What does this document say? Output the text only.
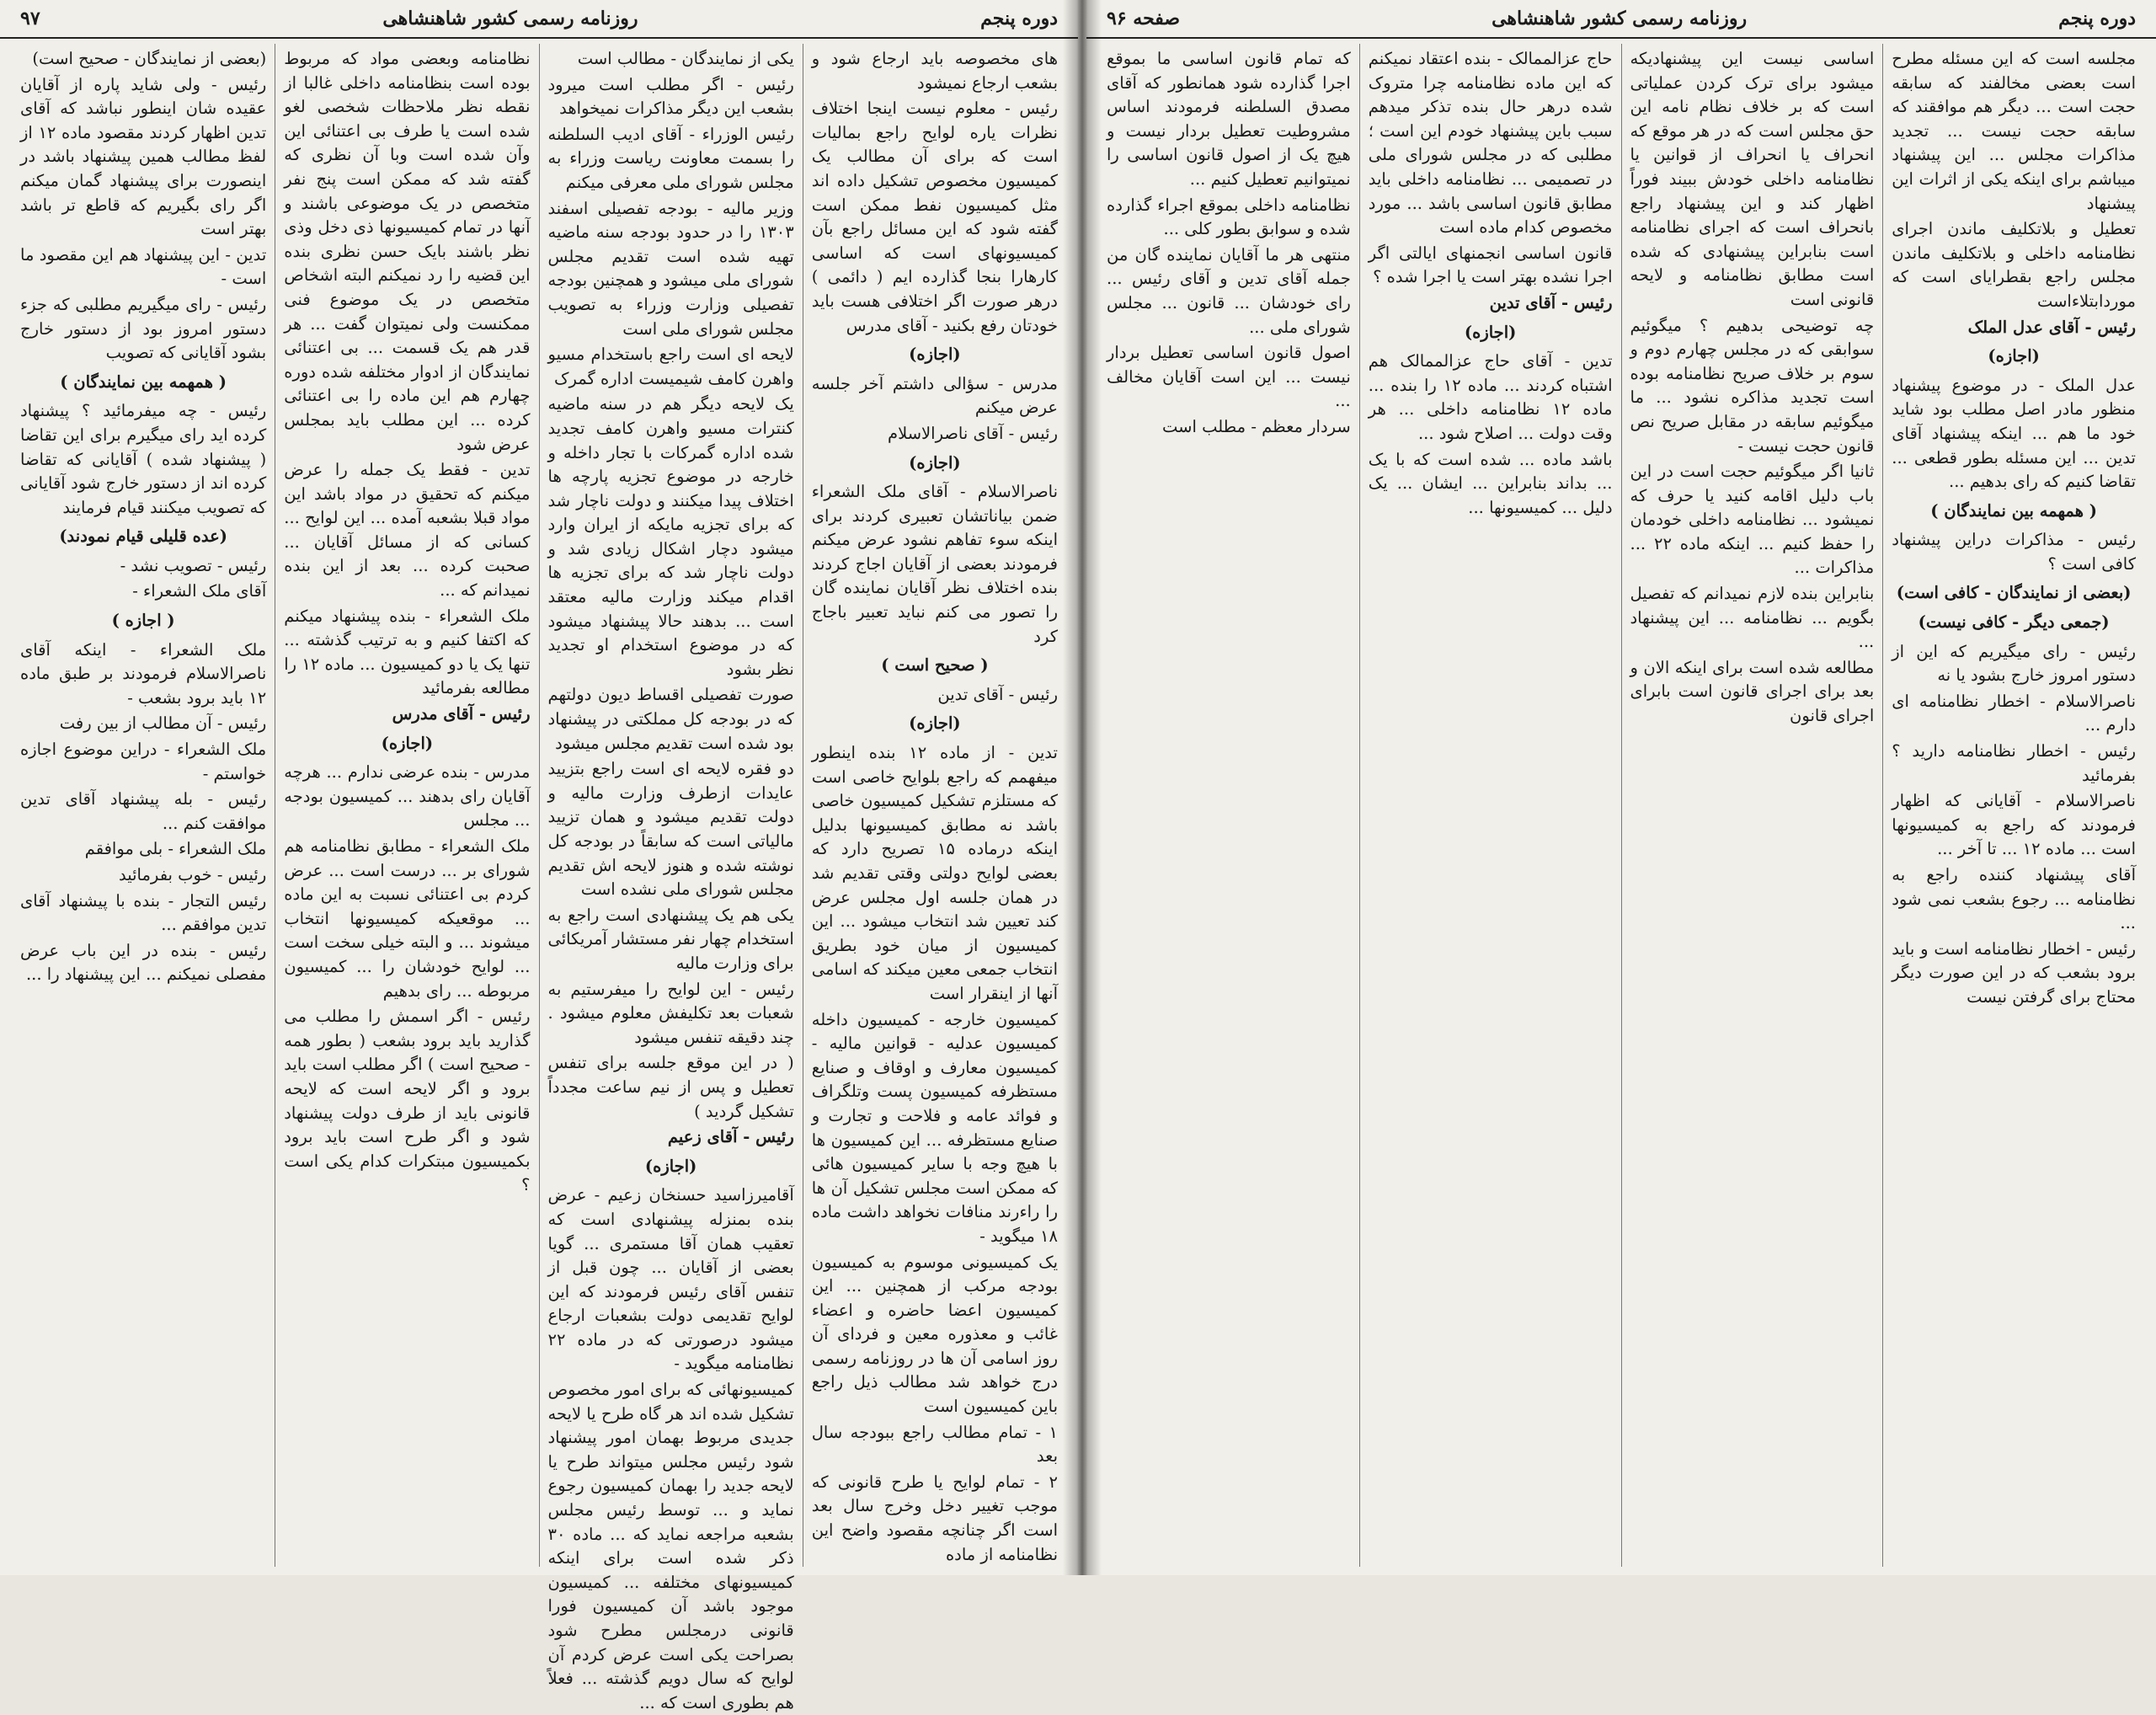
دوره پنجم
روزنامه رسمی کشور شاهنشاهی
۹۷

های مخصوصه باید ارجاع شود و بشعب ارجاع نمیشود

رئیس - معلوم نیست اینجا اختلاف نظرات یاره لوایح راجع بمالیات است که برای آن مطالب یک کمیسیون مخصوص تشکیل داده اند مثل کمیسیون نفط ممکن است گفته شود که این مسائل راجع بآن کمیسیونهای است که اساسی کارهارا بنجا گذارده ایم ( دائمی ) درهر صورت اگر اختلافی هست باید خودتان رفع بکنید - آقای مدرس

(اجازه)

مدرس - سؤالی داشتم آخر جلسه عرض میکنم

رئیس - آقای ناصرالاسلام

(اجازه)

ناصرالاسلام - آقای ملک الشعراء ضمن بیاناتشان تعبیری کردند برای اینکه سوء تفاهم نشود عرض میکنم فرمودند بعضی از آقایان اجاج کردند بنده اختلاف نظر آقایان نماینده گان را تصور می کنم نباید تعبیر باجاج کرد

( صحیح است )

رئیس - آقای تدین

(اجازه)

تدین - از ماده ۱۲ بنده اینطور میفهمم که راجع بلوایح خاصی است که مستلزم تشکیل کمیسیون خاصی باشد نه مطابق کمیسیونها بدلیل اینکه درماده ۱۵ تصریح دارد که بعضی لوایح دولتی وقتی تقدیم شد در همان جلسه اول مجلس عرض کند تعیین شد انتخاب میشود ... این کمیسیون از میان خود بطریق انتخاب جمعی معین میکند که اسامی آنها از اینقرار است

کمیسیون خارجه - کمیسیون داخله کمیسیون عدلیه - قوانین مالیه - کمیسیون معارف و اوقاف و صنایع مستظرفه کمیسیون پست وتلگراف و فوائد عامه و فلاحت و تجارت و صنایع مستظرفه ... این کمیسیون ها با هیچ وجه با سایر کمیسیون هائی که ممکن است مجلس تشکیل آن ها را راءرند منافات نخواهد داشت ماده ۱۸ میگوید -

یک کمیسیونی موسوم به کمیسیون بودجه مرکب از همچنین ... این کمیسیون اعضا حاضره و اعضاء غائب و معذوره معین و فردای آن روز اسامی آن ها در روزنامه رسمی درج خواهد شد مطالب ذیل راجع باین کمیسیون است

۱ - تمام مطالب راجع ببودجه سال بعد

۲ - تمام لوایح یا طرح قانونی که موجب تغییر دخل وخرج سال بعد است اگر چنانچه مقصود واضح این نظامنامه از ماده

یکی از نمایندگان - مطالب است

رئیس - اگر مطلب است میرود بشعب این دیگر مذاکرات نمیخواهد

رئیس الوزراء - آقای ادیب السلطنه را بسمت معاونت ریاست وزراء به مجلس شورای ملی معرفی میکنم

وزیر مالیه - بودجه تفصیلی اسفند ۱۳۰۳ را در حدود بودجه سنه ماضیه تهیه شده است تقدیم مجلس شورای ملی میشود و همچنین بودجه تفصیلی وزارت وزراء به تصویب مجلس شورای ملی است

لایحه ای است راجع باستخدام مسیو واهرن کامف شیمیست اداره گمرک

یک لایحه دیگر هم در سنه ماضیه کنترات مسیو واهرن کامف تجدید شده اداره گمرکات با تجار داخله و خارجه در موضوع تجزیه پارچه ها اختلاف پیدا میکنند و دولت ناچار شد که برای تجزیه مایکه از ایران وارد میشود دچار اشکال زیادی شد و دولت ناچار شد که برای تجزیه ها اقدام میکند وزارت مالیه معتقد است ... بدهند حالا پیشنهاد میشود که در موضوع استخدام او تجدید نظر بشود

صورت تفصیلی اقساط دیون دولتهم که در بودجه کل مملکتی در پیشنهاد بود شده است تقدیم مجلس میشود

دو فقره لایحه ای است راجع بتزیید عایدات ازطرف وزارت مالیه و دولت تقدیم میشود و همان تزیید مالیاتی است که سابقاً در بودجه کل نوشته شده و هنوز لایحه اش تقدیم مجلس شورای ملی نشده است

یکی هم یک پیشنهادی است راجع به استخدام چهار نفر مستشار آمریکائی برای وزارت مالیه

رئیس - این لوایح را میفرستیم به شعبات بعد تکلیفش معلوم میشود . چند دقیقه تنفس میشود

( در این موقع جلسه برای تنفس تعطیل و پس از نیم ساعت مجدداً تشکیل گردید )

رئیس - آقای زعیم

(اجازه)

آقامیرزاسید حسنخان زعیم - عرض بنده بمنزله پیشنهادی است که تعقیب همان آقا مستمری ... گویا بعضی از آقایان ... چون قبل از تنفس آقای رئیس فرمودند که این لوایح تقدیمی دولت بشعبات ارجاع میشود درصورتی که در ماده ۲۲ نظامنامه میگوید -

کمیسیونهائی که برای امور مخصوص تشکیل شده اند هر گاه طرح یا لایحه جدیدی مربوط بهمان امور پیشنهاد شود رئیس مجلس میتواند طرح یا لایحه جدید را بهمان کمیسیون رجوع نماید و ... توسط رئیس مجلس بشعبه مراجعه نماید که ... ماده ۳۰ ذکر شده است برای اینکه کمیسیونهای مختلفه ... کمیسیون موجود باشد آن کمیسیون فورا قانونی درمجلس مطرح شود بصراحت یکی است عرض کردم آن لوایح که سال دویم گذشته ... فعلاً هم بطوری است که ...

نظامنامه وبعضی مواد که مربوط بوده است بنظامنامه داخلی غالبا از نقطه نظر ملاحظات شخصی لغو شده است یا طرف بی اعتنائی این وآن شده است وبا آن نظری که گفته شد که ممکن است پنج نفر متخصص در یک موضوعی باشند و آنها در تمام کمیسیونها ذی دخل وذی نظر باشند بایک حسن نظری بنده این قضیه را رد نمیکنم البته اشخاص متخصص در یک موضوع فنی ممکنست ولی نمیتوان گفت ... هر قدر هم یک قسمت ... بی اعتنائی نمایندگان از ادوار مختلفه شده دوره چهارم هم این ماده را بی اعتنائی کرده ... این مطلب باید بمجلس عرض شود

تدین - فقط یک جمله را عرض میکنم که تحقیق در مواد باشد این مواد قبلا بشعبه آمده ... این لوایح ... کسانی که از مسائل آقایان ... صحبت کرده ... بعد از این بنده نمیدانم که ...

ملک الشعراء - بنده پیشنهاد میکنم که اکتفا کنیم و به ترتیب گذشته ... تنها یک یا دو کمیسیون ... ماده ۱۲ را مطالعه بفرمائید

رئیس - آقای مدرس

(اجازه)

مدرس - بنده عرضی ندارم ... هرچه آقایان رای بدهند ... کمیسیون بودجه ... مجلس

ملک الشعراء - مطابق نظامنامه هم شورای بر ... درست است ... عرض کردم بی اعتنائی نسبت به این ماده ... موقعیکه کمیسیونها انتخاب میشوند ... و البته خیلی سخت است ... لوایح خودشان را ... کمیسیون مربوطه ... رای بدهیم

رئیس - اگر اسمش را مطلب می گذارید باید برود بشعب ( بطور همه - صحیح است ) اگر مطلب است باید برود و اگر لایحه است که لایحه قانونی باید از طرف دولت پیشنهاد شود و اگر طرح است باید برود بکمیسیون مبتکرات کدام یکی است ؟

(بعضی از نمایندگان - صحیح است)

رئیس - ولی شاید پاره از آقایان عقیده شان اینطور نباشد که آقای تدین اظهار کردند مقصود ماده ۱۲ از لفظ مطالب همین پیشنهاد باشد در اینصورت برای پیشنهاد گمان میکنم اگر رای بگیریم که قاطع تر باشد بهتر است

تدین - این پیشنهاد هم این مقصود ما است -

رئیس - رای میگیریم مطلبی که جزء دستور امروز بود از دستور خارج بشود آقایانی که تصویب

( همهمه بین نمایندگان )

رئیس - چه میفرمائید ؟ پیشنهاد کرده اید رای میگیرم برای این تقاضا ( پیشنهاد شده ) آقایانی که تقاضا کرده اند از دستور خارج شود آقایانی که تصویب میکنند قیام فرمایند

(عده قلیلی قیام نمودند)

رئیس - تصویب نشد -

آقای ملک الشعراء -

( اجازه )

ملک الشعراء - اینکه آقای ناصرالاسلام فرمودند بر طبق ماده ۱۲ باید برود بشعب -

رئیس - آن مطالب از بین رفت

ملک الشعراء - دراین موضوع اجازه خواستم -

رئیس - بله پیشنهاد آقای تدین موافقت کنم ...

ملک الشعراء - بلی موافقم

رئیس - خوب بفرمائید

رئیس التجار - بنده با پیشنهاد آقای تدین موافقم ...

رئیس - بنده در این باب عرض مفصلی نمیکنم ... این پیشنهاد را ...

دوره پنجم
روزنامه رسمی کشور شاهنشاهی
صفحه ۹۶

مجلسه است که این مسئله مطرح است بعضی مخالفند که سابقه حجت است ... دیگر هم موافقند که سابقه حجت نیست ... تجدید مذاکرات مجلس ... این پیشنهاد میباشم برای اینکه یکی از اثرات این پیشنهاد

تعطیل و بلاتکلیف ماندن اجرای نظامنامه داخلی و بلاتکلیف ماندن مجلس راجع بقطرایای است که موردابتلاءاست

رئیس - آقای عدل الملک

(اجازه)

عدل الملک - در موضوع پیشنهاد منظور مادر اصل مطلب بود شاید خود ما هم ... اینکه پیشنهاد آقای تدین ... این مسئله بطور قطعی ... تقاضا کنیم که رای بدهیم ...

( همهمه بین نمایندگان )

رئیس - مذاکرات دراین پیشنهاد کافی است ؟

(بعضی از نمایندگان - کافی است)

(جمعی دیگر - کافی نیست)

رئیس - رای میگیریم که این از دستور امروز خارج بشود یا نه

ناصرالاسلام - اخطار نظامنامه ای دارم ...

رئیس - اخطار نظامنامه دارید ؟ بفرمائید

ناصرالاسلام - آقایانی که اظهار فرمودند که راجع به کمیسیونها است ... ماده ۱۲ ... تا آخر ...

آقای پیشنهاد کننده راجع به نظامنامه ... رجوع بشعب نمی شود ...

رئیس - اخطار نظامنامه است و باید برود بشعب که در این صورت دیگر محتاج برای گرفتن نیست

اساسی نیست این پیشنهادیکه میشود برای ترک کردن عملیاتی است که بر خلاف نظام نامه این حق مجلس است که در هر موقع که انحراف یا انحراف از قوانین یا نظامنامه داخلی خودش ببیند فوراً اظهار کند و این پیشنهاد راجع بانحراف است که اجرای نظامنامه است بنابراین پیشنهادی که شده است مطابق نظامنامه و لایحه قانونی است

چه توضیحی بدهیم ؟ میگوئیم سوابقی که در مجلس چهارم دوم و سوم بر خلاف صریح نظامنامه بوده است تجدید مذاکره نشود ... ما میگوئیم سابقه در مقابل صریح نص قانون حجت نیست -

ثانیا اگر میگوئیم حجت است در این باب دلیل اقامه کنید یا حرف که نمیشود ... نظامنامه داخلی خودمان را حفظ کنیم ... اینکه ماده ۲۲ ... مذاکرات ...

بنابراین بنده لازم نمیدانم که تفصیل بگویم ... نظامنامه ... این پیشنهاد ...

مطالعه شده است برای اینکه الان و بعد برای اجرای قانون است بابرای اجرای قانون

حاج عزالممالک - بنده اعتقاد نمیکنم که این ماده نظامنامه چرا متروک شده درهر حال بنده تذکر میدهم سبب باین پیشنهاد خودم این است ؛ مطلبی که در مجلس شورای ملی در تصمیمی ... نظامنامه داخلی باید مطابق قانون اساسی باشد ... مورد مخصوص کدام ماده است

قانون اساسی انجمنهای ایالتی اگر اجرا نشده بهتر است یا اجرا شده ؟

رئیس - آقای تدین

(اجازه)

تدین - آقای حاج عزالممالک هم اشتباه کردند ... ماده ۱۲ را بنده ... ماده ۱۲ نظامنامه داخلی ... هر وقت دولت ... اصلاح شود ...

باشد ماده ... شده است که با یک ... بداند بنابراین ... ایشان ... یک دلیل ... کمیسیونها ...

که تمام قانون اساسی ما بموقع اجرا گذارده شود همانطور که آقای مصدق السلطنه فرمودند اساس مشروطیت تعطیل بردار نیست و هیچ یک از اصول قانون اساسی را نمیتوانیم تعطیل کنیم ...

نظامنامه داخلی بموقع اجراء گذارده شده و سوابق بطور کلی ...

منتهی هر ما آقایان نماینده گان من جمله آقای تدین و آقای رئیس ... رای خودشان ... قانون ... مجلس شورای ملی ...

اصول قانون اساسی تعطیل بردار نیست ... این است آقایان مخالف ...

سردار معظم - مطلب است
